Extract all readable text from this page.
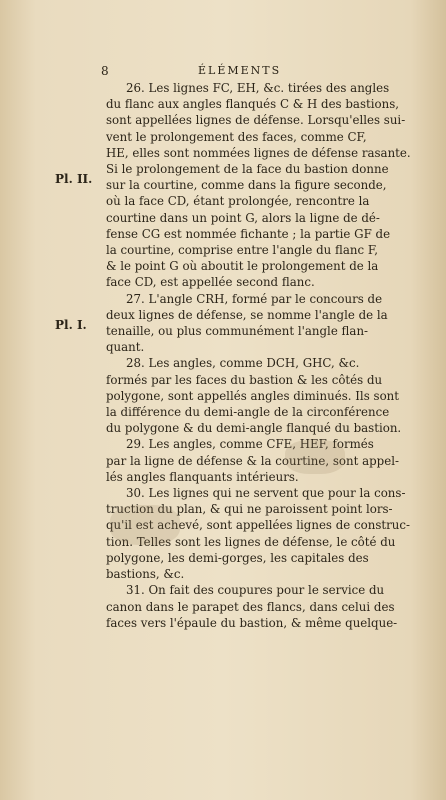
8	ÉLÉMENTS
Pl. II.
Pl. I.
26. Les lignes FC, EH, &c. tirées des angles
du flanc aux angles flanqués C & H des bastions,
sont appellées lignes de défense. Lorsqu'elles sui-
vent le prolongement des faces, comme CF,
HE, elles sont nommées lignes de défense rasante.
Si le prolongement de la face du bastion donne
sur la courtine, comme dans la figure seconde,
où la face CD, étant prolongée, rencontre la
courtine dans un point G, alors la ligne de dé-
fense CG est nommée fichante ; la partie GF de
la courtine, comprise entre l'angle du flanc F,
& le point G où aboutit le prolongement de la
face CD, est appellée second flanc.
27. L'angle CRH, formé par le concours de
deux lignes de défense, se nomme l'angle de la
tenaille, ou plus communément l'angle flan-
quant.
28. Les angles, comme DCH, GHC, &c.
formés par les faces du bastion & les côtés du
polygone, sont appellés angles diminués. Ils sont
la différence du demi-angle de la circonférence
du polygone & du demi-angle flanqué du bastion.
29. Les angles, comme CFE, HEF, formés
par la ligne de défense & la courtine, sont appel-
lés angles flanquants intérieurs.
30. Les lignes qui ne servent que pour la cons-
truction du plan, & qui ne paroissent point lors-
qu'il est achevé, sont appellées lignes de construc-
tion. Telles sont les lignes de défense, le côté du
polygone, les demi-gorges, les capitales des
bastions, &c.
31. On fait des coupures pour le service du
canon dans le parapet des flancs, dans celui des
faces vers l'épaule du bastion, & même quelque-
